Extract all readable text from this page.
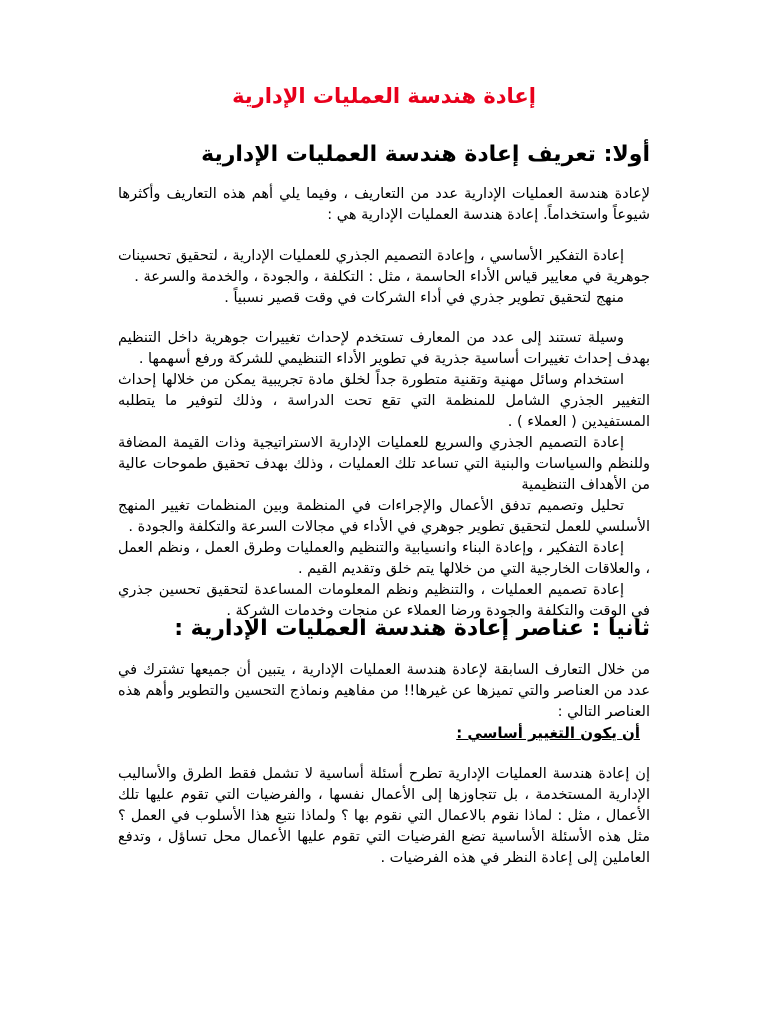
إعادة هندسة العمليات الإدارية
أولا: تعريف إعادة هندسة العمليات الإدارية

لإعادة هندسة العمليات الإدارية عدد من التعاريف ، وفيما يلي أهم هذه التعاريف وأكثرها شيوعاً واستخداماً. إعادة هندسة العمليات الإدارية هي :

إعادة التفكير الأساسي ، وإعادة التصميم الجذري للعمليات الإدارية ، لتحقيق تحسينات جوهرية في معايير قياس الأداء الحاسمة ، مثل : التكلفة ، والجودة ، والخدمة والسرعة .

منهج لتحقيق تطوير جذري في أداء الشركات في وقت قصير نسبياً .

وسيلة تستند إلى عدد من المعارف تستخدم لإحداث تغييرات جوهرية داخل التنظيم بهدف إحداث تغييرات أساسية جذرية في تطوير الأداء التنظيمي للشركة ورفع أسهمها .

استخدام وسائل مهنية وتقنية متطورة جداً لخلق مادة تجريبية يمكن من خلالها إحداث التغيير الجذري الشامل للمنظمة التي تقع تحت الدراسة ، وذلك لتوفير ما يتطلبه المستفيدين ( العملاء ) .

إعادة التصميم الجذري والسريع للعمليات الإدارية الاستراتيجية وذات القيمة المضافة وللنظم والسياسات والبنية التي تساعد تلك العمليات ، وذلك بهدف تحقيق طموحات عالية من الأهداف التنظيمية

تحليل وتصميم تدفق الأعمال والإجراءات في المنظمة وبين المنظمات تغيير المنهج الأسلسي للعمل لتحقيق تطوير جوهري في الأداء في مجالات السرعة والتكلفة والجودة .

إعادة التفكير ، وإعادة البناء وانسيابية والتنظيم والعمليات وطرق العمل ، ونظم العمل ، والعلاقات الخارجية التي من خلالها يتم خلق وتقديم القيم .

إعادة تصميم العمليات ، والتنظيم ونظم المعلومات المساعدة لتحقيق تحسين جذري في الوقت والتكلفة والجودة ورضا العملاء عن منجات وخدمات الشركة .

ثانيا : عناصر إعادة هندسة العمليات الإدارية :

من خلال التعارف السابقة لإعادة هندسة العمليات الإدارية ، يتبين أن جميعها تشترك في عدد من العناصر والتي تميزها عن غيرها!! من مفاهيم ونماذج التحسين والتطوير وأهم هذه العناصر التالي :

أن يكون التغيير أساسي :

إن إعادة هندسة العمليات الإدارية تطرح أسئلة أساسية لا تشمل فقط الطرق والأساليب الإدارية المستخدمة ، بل تتجاوزها إلى الأعمال نفسها ، والفرضيات التي تقوم عليها تلك الأعمال ، مثل : لماذا نقوم بالاعمال التي نقوم بها ؟ ولماذا نتبع هذا الأسلوب في العمل ؟ مثل هذه الأسئلة الأساسية تضع الفرضيات التي تقوم عليها الأعمال محل تساؤل ، وتدفع العاملين إلى إعادة النظر في هذه الفرضيات .
